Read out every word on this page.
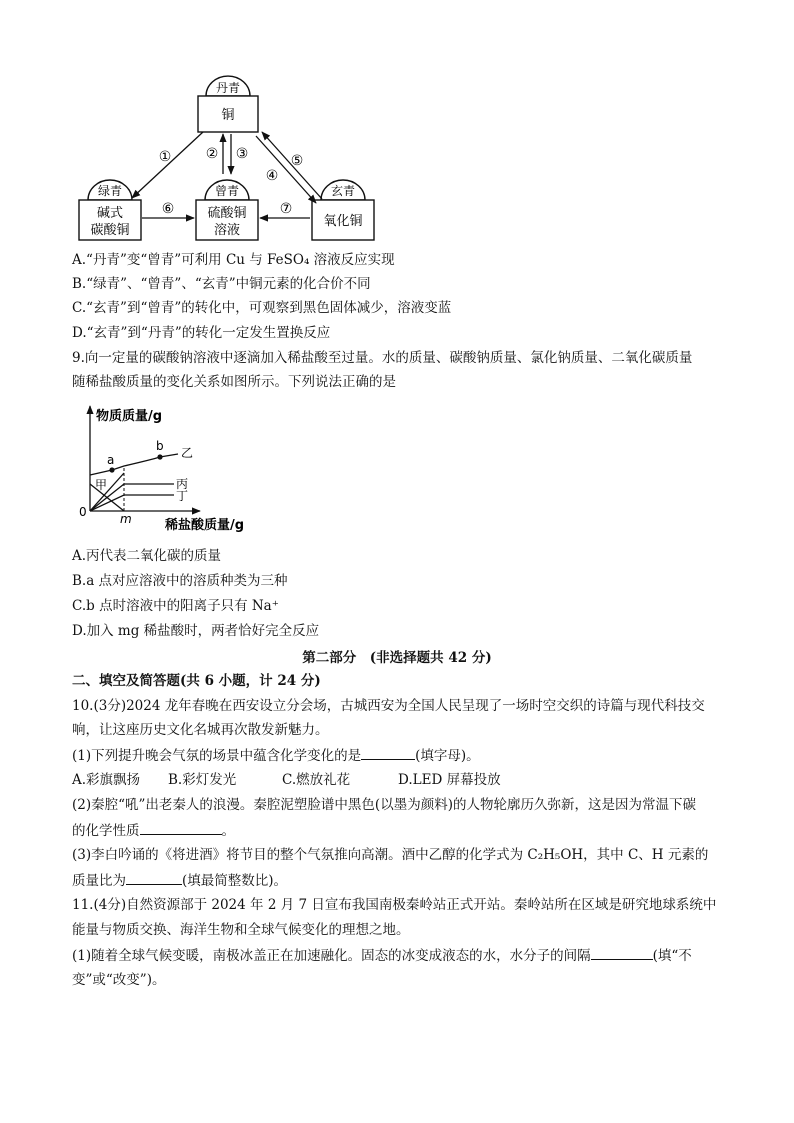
丹青
铜
绿青
碱式
碳酸铜
曾青
硫酸铜
溶液
玄青
氧化铜
① ② ③
④
⑤
⑥	⑦
A.“丹青”变“曾青”可利用 Cu 与 FeSO₄ 溶液反应实现
B.“绿青”、“曾青”、“玄青”中铜元素的化合价不同
C.“玄青”到“曾青”的转化中，可观察到黑色固体减少，溶液变蓝
D.“玄青”到“丹青”的转化一定发生置换反应
9.向一定量的碳酸钠溶液中逐滴加入稀盐酸至过量。水的质量、碳酸钠质量、氯化钠质量、二氧化碳质量
随稀盐酸质量的变化关系如图所示。下列说法正确的是
物质质量/g
稀盐酸质量/g
0	m
a
b
甲
乙
丙
丁
A.丙代表二氧化碳的质量
B.a 点对应溶液中的溶质种类为三种
C.b 点时溶液中的阳离子只有 Na⁺
D.加入 mg 稀盐酸时，两者恰好完全反应
第二部分　(非选择题共 42 分)
二、填空及简答题(共 6 小题，计 24 分)
10.(3分)2024 龙年春晚在西安设立分会场，古城西安为全国人民呈现了一场时空交织的诗篇与现代科技交
响，让这座历史文化名城再次散发新魅力。
(1)下列提升晚会气氛的场景中蕴含化学变化的是	(填字母)。
A.彩旗飘扬 B.彩灯发光	C.燃放礼花	D.LED 屏幕投放
(2)秦腔“吼”出老秦人的浪漫。秦腔泥塑脸谱中黑色(以墨为颜料)的人物轮廓历久弥新，这是因为常温下碳
的化学性质	。
(3)李白吟诵的《将进酒》将节目的整个气氛推向高潮。酒中乙醇的化学式为 C₂H₅OH，其中 C、H 元素的
质量比为	(填最简整数比)。
11.(4分)自然资源部于 2024 年 2 月 7 日宣布我国南极秦岭站正式开站。秦岭站所在区域是研究地球系统中
能量与物质交换、海洋生物和全球气候变化的理想之地。
(1)随着全球气候变暖，南极冰盖正在加速融化。固态的冰变成液态的水，水分子的间隔	(填“不
变”或“改变”)。
